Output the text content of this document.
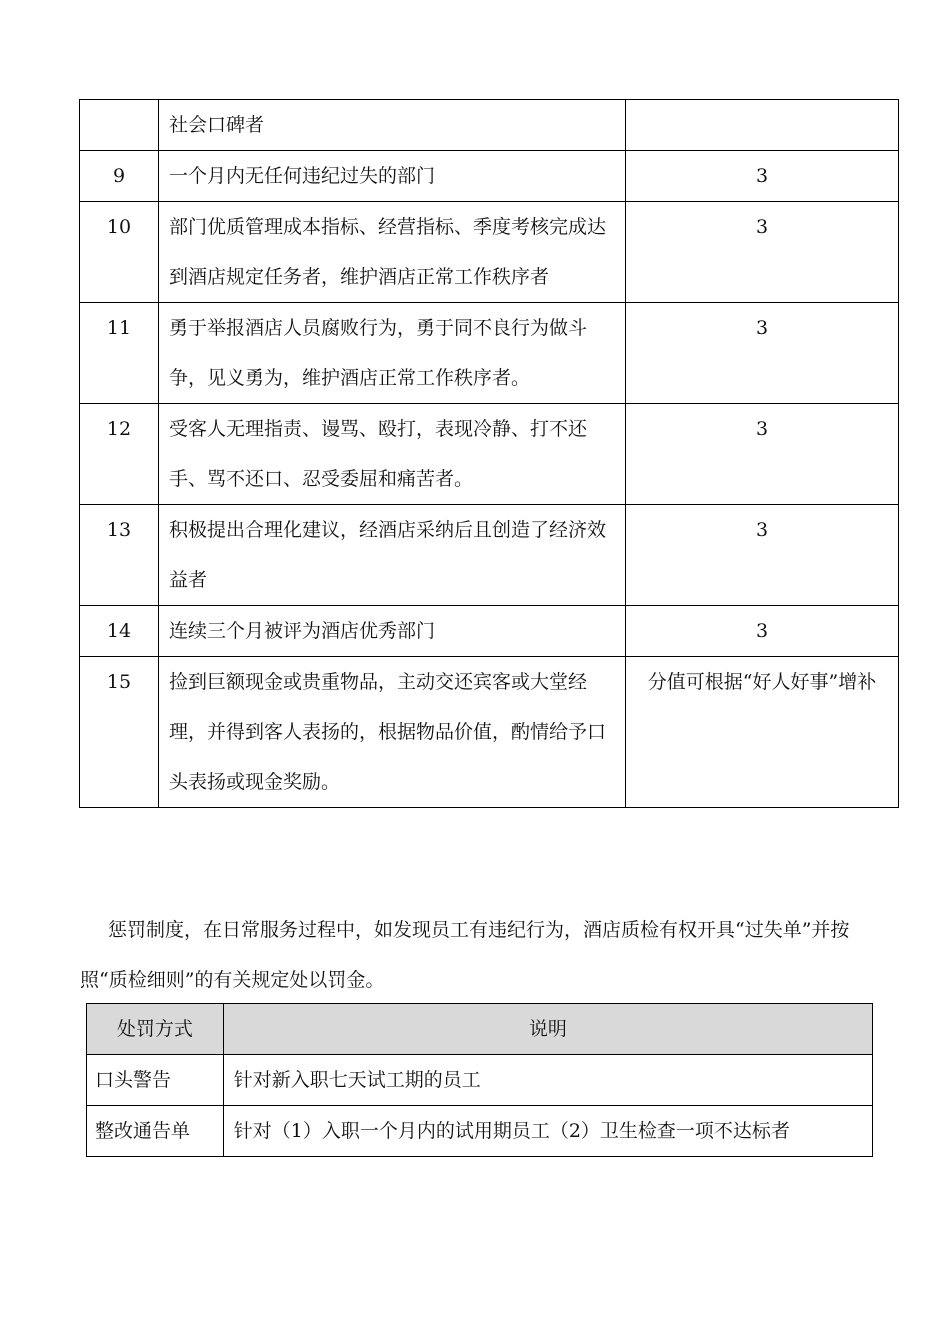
	社会口碑者	
9	一个月内无任何违纪过失的部门	3
10	部门优质管理成本指标、经营指标、季度考核完成达到酒店规定任务者，维护酒店正常工作秩序者	3
11	勇于举报酒店人员腐败行为，勇于同不良行为做斗争，见义勇为，维护酒店正常工作秩序者。	3
12	受客人无理指责、谩骂、殴打，表现冷静、打不还手、骂不还口、忍受委屈和痛苦者。	3
13	积极提出合理化建议，经酒店采纳后且创造了经济效益者	3
14	连续三个月被评为酒店优秀部门	3
15	捡到巨额现金或贵重物品，主动交还宾客或大堂经理，并得到客人表扬的，根据物品价值，酌情给予口头表扬或现金奖励。	分值可根据“好人好事”增补

惩罚制度，在日常服务过程中，如发现员工有违纪行为，酒店质检有权开具“过失单”并按照“质检细则”的有关规定处以罚金。

处罚方式	说明
口头警告	针对新入职七天试工期的员工
整改通告单	针对（1）入职一个月内的试用期员工（2）卫生检查一项不达标者
